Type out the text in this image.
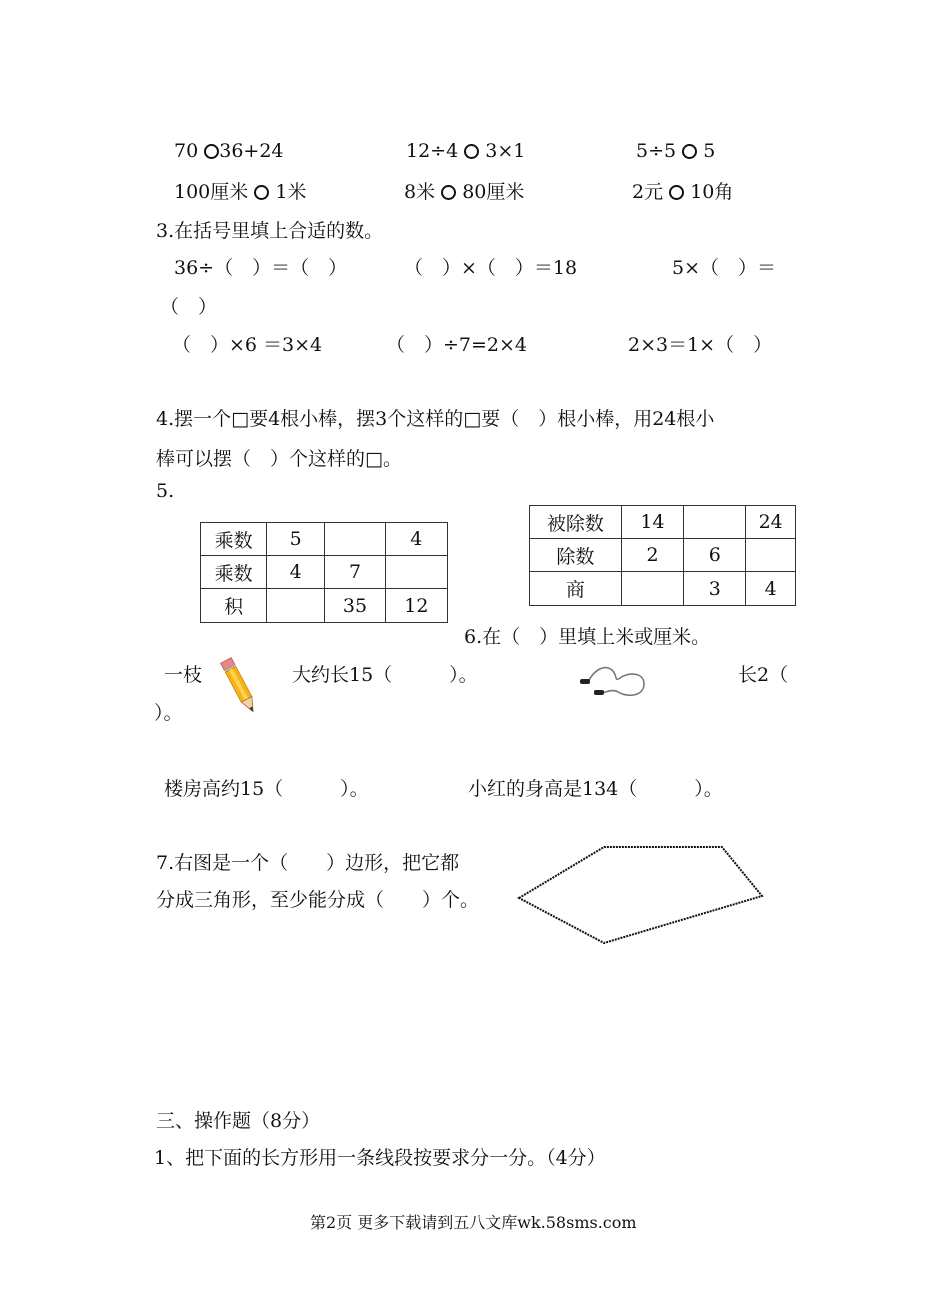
70 36+24	12÷4 3×1	5÷5 5
100厘米 1米	8米 80厘米	2元 10角
3.在括号里填上合适的数。
36÷（　）＝（　）	（　）×（　）＝18	5×（　）＝
（　）
（　）×6 ＝3×4	（　）÷7=2×4	2×3＝1×（　）
4.摆一个□要4根小棒，摆3个这样的□要（　）根小棒，用24根小
棒可以摆（　）个这样的□。
5.
乘数	5		4
乘数	4	7	
积		35	12
被除数	14		24
除数	2	6	
商		3	4
6.在（　）里填上米或厘米。
一枝	大约长15（　　　）。	长2（
）。
楼房高约15（　　　）。	小红的身高是134（　　　）。
7.右图是一个（　　）边形，把它都
分成三角形，至少能分成（　　）个。
三、操作题（8分）
1、把下面的长方形用一条线段按要求分一分。（4分）
第2页 更多下载请到五八文库wk.58sms.com
